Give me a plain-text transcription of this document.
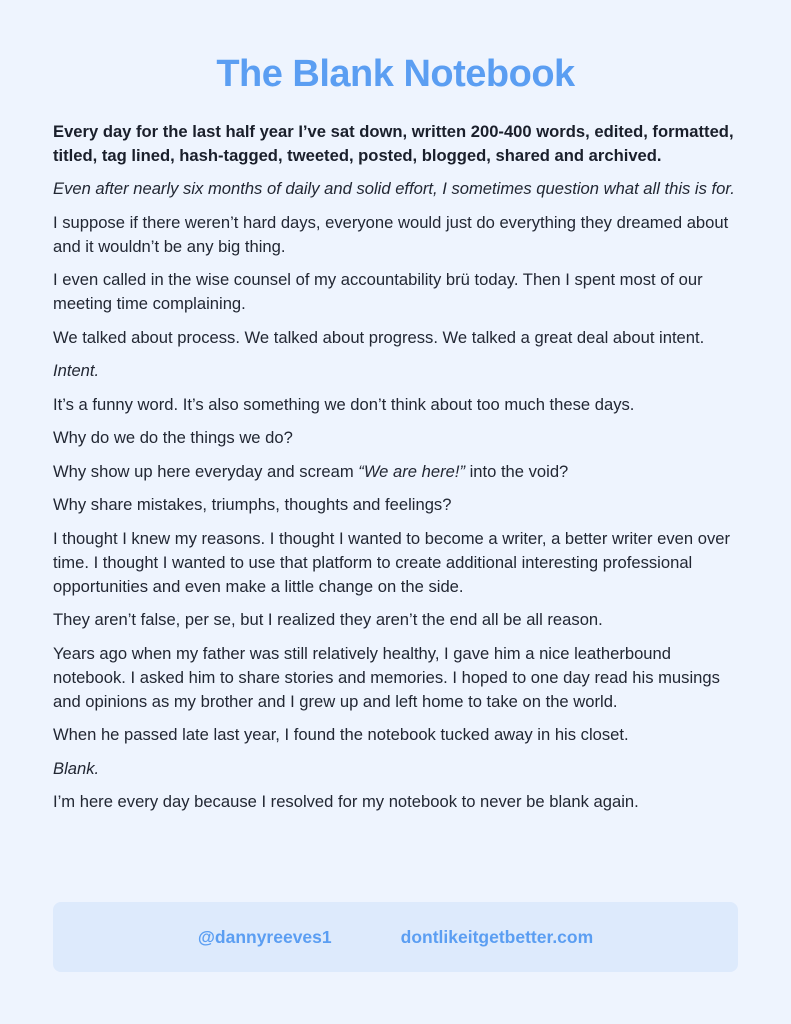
The Blank Notebook

Every day for the last half year I’ve sat down, written 200-400 words, edited, formatted, titled, tag lined, hash-tagged, tweeted, posted, blogged, shared and archived.

Even after nearly six months of daily and solid effort, I sometimes question what all this is for.

I suppose if there weren’t hard days, everyone would just do everything they dreamed about and it wouldn’t be any big thing.

I even called in the wise counsel of my accountability brü today. Then I spent most of our meeting time complaining.

We talked about process. We talked about progress. We talked a great deal about intent.

Intent.

It’s a funny word. It’s also something we don’t think about too much these days.

Why do we do the things we do?

Why show up here everyday and scream “We are here!” into the void?

Why share mistakes, triumphs, thoughts and feelings?

I thought I knew my reasons. I thought I wanted to become a writer, a better writer even over time. I thought I wanted to use that platform to create additional interesting professional opportunities and even make a little change on the side.

They aren’t false, per se, but I realized they aren’t the end all be all reason.

Years ago when my father was still relatively healthy, I gave him a nice leatherbound notebook. I asked him to share stories and memories. I hoped to one day read his musings and opinions as my brother and I grew up and left home to take on the world.

When he passed late last year, I found the notebook tucked away in his closet.

Blank.

I’m here every day because I resolved for my notebook to never be blank again.

@dannyreeves1	dontlikeitgetbetter.com
